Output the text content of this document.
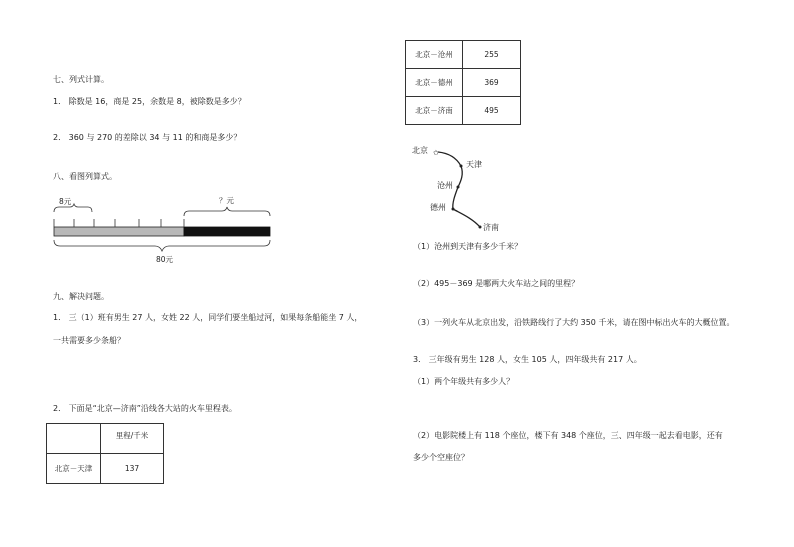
七、列式计算。
1． 除数是 16，商是 25，余数是 8，被除数是多少？
2． 360 与 270 的差除以 34 与 11 的和商是多少？
八、看图列算式。
8元	？元
80元
九、解决问题。
1． 三（1）班有男生 27 人，女姓 22 人，同学们要坐船过河，如果每条船能坐 7 人，
一共需要多少条船？
2． 下面是“北京—济南”沿线各大站的火车里程表。
	里程/千米
北京－天津	137
北京－沧州	255
北京－德州	369
北京－济南	495
✩
北京
天津
沧州
德州
济南
（1）沧州到天津有多少千米？
（2）495－369 是哪两大火车站之间的里程？
（3）一列火车从北京出发，沿铁路线行了大约 350 千米，请在图中标出火车的大概位置。
3． 三年级有男生 128 人，女生 105 人，四年级共有 217 人。
（1）两个年级共有多少人？
（2）电影院楼上有 118 个座位，楼下有 348 个座位，三、四年级一起去看电影，还有
多少个空座位？
